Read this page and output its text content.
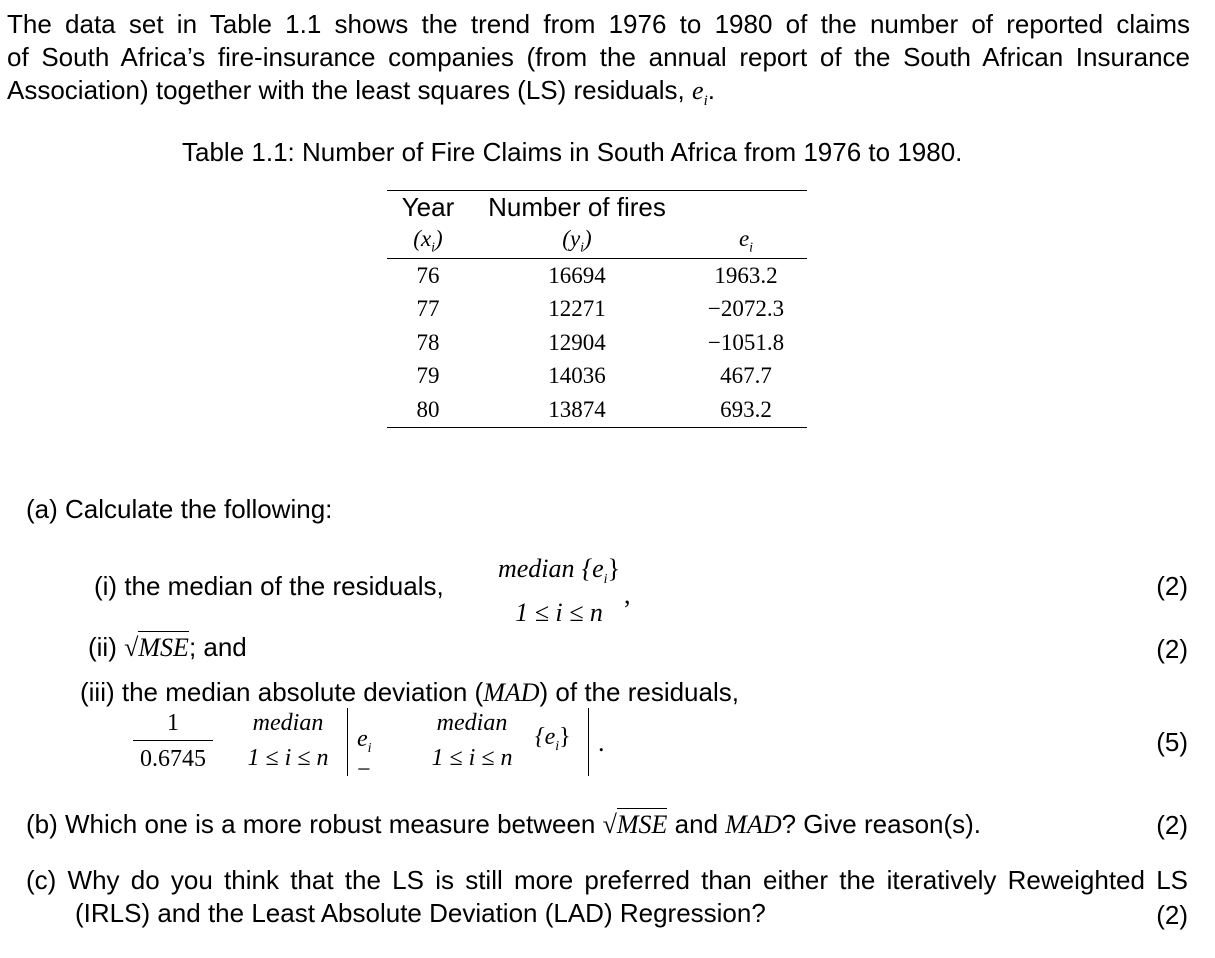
The data set in Table 1.1 shows the trend from 1976 to 1980 of the number of reported claims
of South Africa’s fire-insurance companies (from the annual report of the South African Insurance
Association) together with the least squares (LS) residuals, $e_i$.
Table 1.1: Number of Fire Claims in South Africa from 1976 to 1980.
Year	Number of fires	
$(x_i)$	$(y_i)$	$e_i$
76	16694	1963.2
77	12271	−2072.3
78	12904	−1051.8
79	14036	467.7
80	13874	693.2
(a) Calculate the following:
(i) the median of the residuals,
median $\{e_i\}$
1 ≤ i ≤ n
,	(2)
(ii) √MSE; and	(2)
(iii) the median absolute deviation (MAD) of the residuals,
$\frac{1}{0.6745}$	median
1 ≤ i ≤ n
$e_i$ −
median
1 ≤ i ≤ n
$\{e_i\}$ .	(5)
(b) Which one is a more robust measure between √MSE and MAD? Give reason(s).	(2)
(c) Why do you think that the LS is still more preferred than either the iteratively Reweighted LS
(IRLS) and the Least Absolute Deviation (LAD) Regression?	(2)
